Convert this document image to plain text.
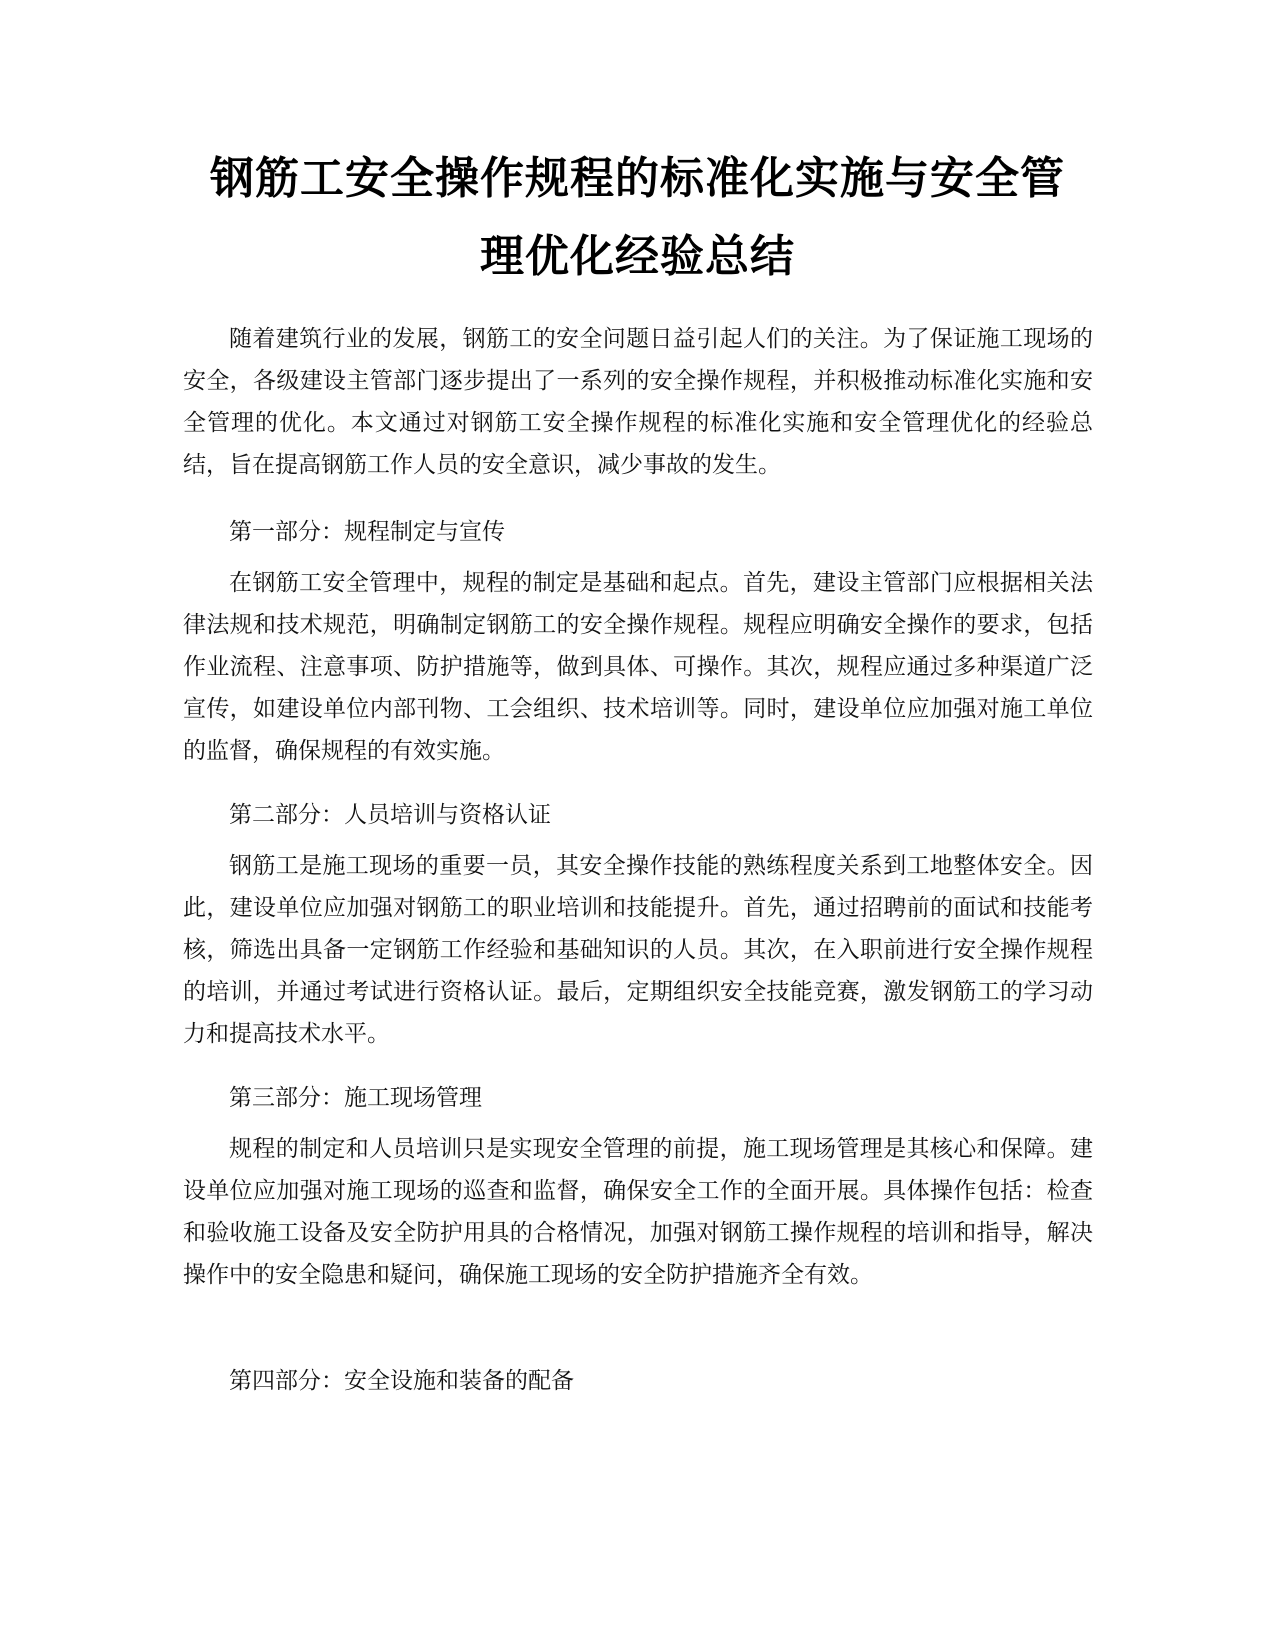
钢筋工安全操作规程的标准化实施与安全管
理优化经验总结

随着建筑行业的发展，钢筋工的安全问题日益引起人们的关注。为了保证施工现场的安全，各级建设主管部门逐步提出了一系列的安全操作规程，并积极推动标准化实施和安全管理的优化。本文通过对钢筋工安全操作规程的标准化实施和安全管理优化的经验总结，旨在提高钢筋工作人员的安全意识，减少事故的发生。

第一部分：规程制定与宣传

在钢筋工安全管理中，规程的制定是基础和起点。首先，建设主管部门应根据相关法律法规和技术规范，明确制定钢筋工的安全操作规程。规程应明确安全操作的要求，包括作业流程、注意事项、防护措施等，做到具体、可操作。其次，规程应通过多种渠道广泛宣传，如建设单位内部刊物、工会组织、技术培训等。同时，建设单位应加强对施工单位的监督，确保规程的有效实施。

第二部分：人员培训与资格认证

钢筋工是施工现场的重要一员，其安全操作技能的熟练程度关系到工地整体安全。因此，建设单位应加强对钢筋工的职业培训和技能提升。首先，通过招聘前的面试和技能考核，筛选出具备一定钢筋工作经验和基础知识的人员。其次，在入职前进行安全操作规程的培训，并通过考试进行资格认证。最后，定期组织安全技能竞赛，激发钢筋工的学习动力和提高技术水平。

第三部分：施工现场管理

规程的制定和人员培训只是实现安全管理的前提，施工现场管理是其核心和保障。建设单位应加强对施工现场的巡查和监督，确保安全工作的全面开展。具体操作包括：检查和验收施工设备及安全防护用具的合格情况，加强对钢筋工操作规程的培训和指导，解决操作中的安全隐患和疑问，确保施工现场的安全防护措施齐全有效。

第四部分：安全设施和装备的配备
